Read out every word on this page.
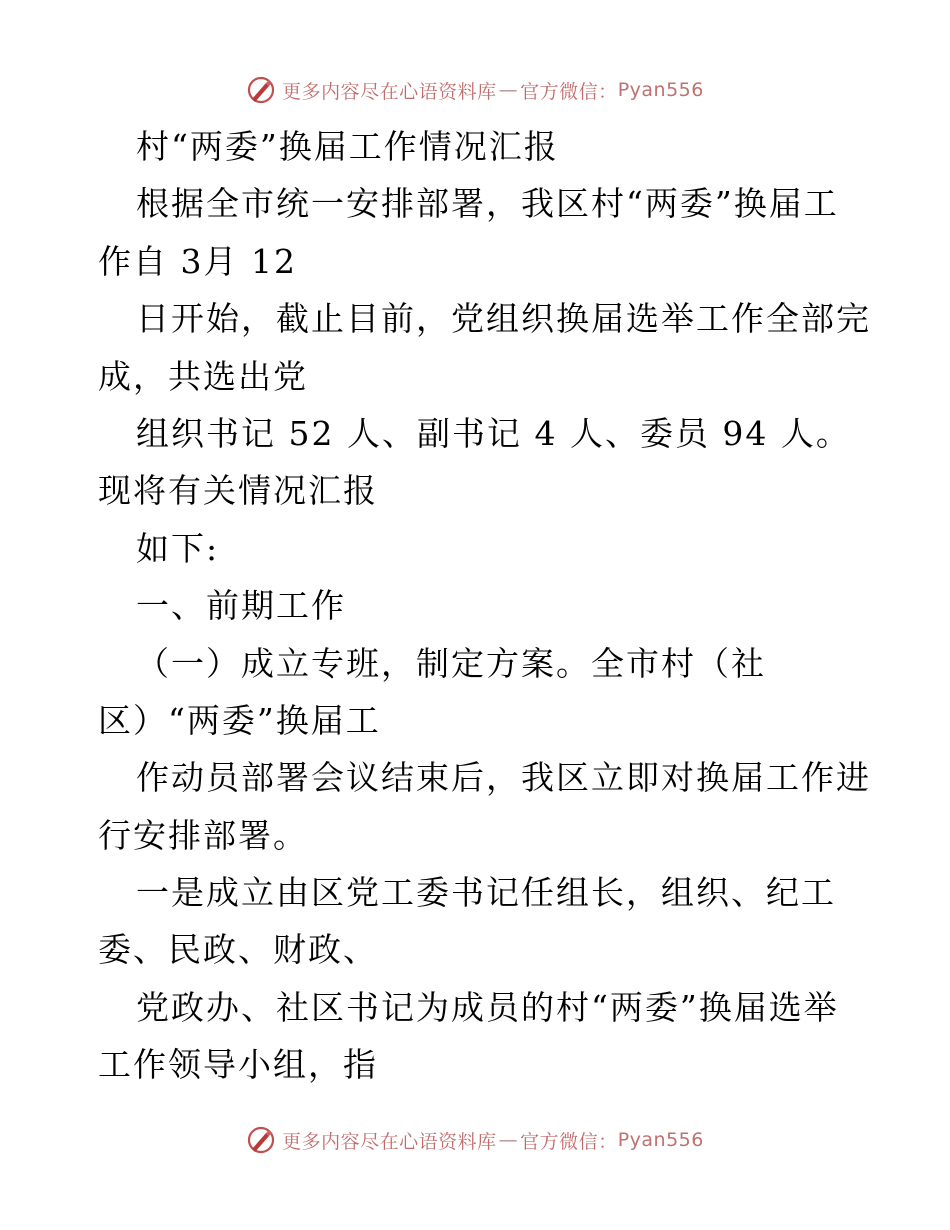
更多内容尽在心语资料库 — 官方微信： Pyan556
村“两委”换届工作情况汇报
根据全市统一安排部署，我区村“两委”换届工
作自 3月 12
日开始，截止目前，党组织换届选举工作全部完
成，共选出党
组织书记 52 人、副书记 4 人、委员 94 人。
现将有关情况汇报
如下:
一、前期工作
（一）成立专班，制定方案。全市村（社
区）“两委”换届工
作动员部署会议结束后，我区立即对换届工作进
行安排部署。
一是成立由区党工委书记任组长，组织、纪工
委、民政、财政、
党政办、社区书记为成员的村“两委”换届选举
工作领导小组，指
更多内容尽在心语资料库 — 官方微信： Pyan556
